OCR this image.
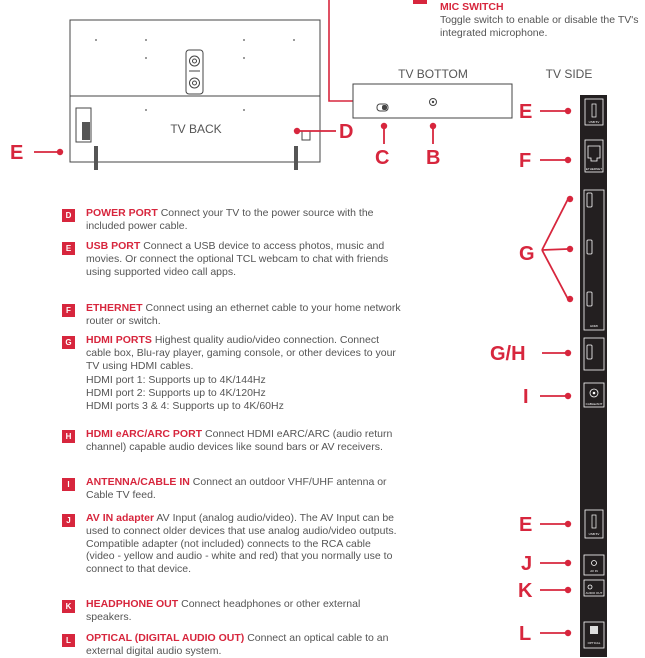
TV BACK
E
D
TV BOTTOM
C B
TV SIDE
USB 5V
ETHERNET
HDMI
CABLE/ANT
USB 5V
AV IN
AUDIO OUT
OPTICAL
E
F
G
G/H
I
E
J
K
L
MIC SWITCH
Toggle switch to enable or disable the TV's integrated microphone.
D	POWER PORT Connect your TV to the power source with the included power cable.
E	USB PORT Connect a USB device to access photos, music and movies. Or connect the optional TCL webcam to chat with friends using supported video call apps.
F	ETHERNET Connect using an ethernet cable to your home network router or switch.
G	HDMI PORTS Highest quality audio/video connection. Connect cable box, Blu-ray player, gaming console, or other devices to your TV using HDMI cables.
HDMI port 1: Supports up to 4K/144Hz
HDMI port 2: Supports up to 4K/120Hz
HDMI ports 3 & 4: Supports up to 4K/60Hz
H	HDMI eARC/ARC PORT Connect HDMI eARC/ARC (audio return channel) capable audio devices like sound bars or AV receivers.
I	ANTENNA/CABLE IN Connect an outdoor VHF/UHF antenna or Cable TV feed.
J	AV IN adapter AV Input (analog audio/video). The AV Input can be used to connect older devices that use analog audio/video outputs. Compatible adapter (not included) connects to the RCA cable (video - yellow and audio - white and red) that you normally use to connect to that device.
K	HEADPHONE OUT Connect headphones or other external speakers.
L	OPTICAL (DIGITAL AUDIO OUT) Connect an optical cable to an external digital audio system.
